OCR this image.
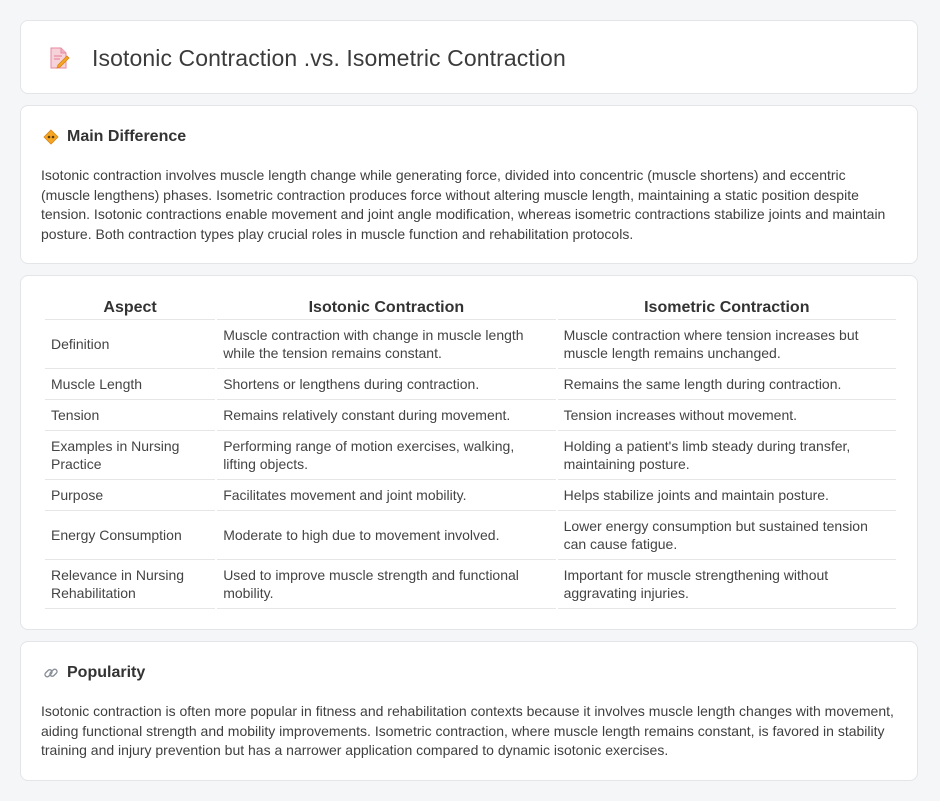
Isotonic Contraction .vs. Isometric Contraction
Main Difference

Isotonic contraction involves muscle length change while generating force, divided into concentric (muscle shortens) and eccentric (muscle lengthens) phases. Isometric contraction produces force without altering muscle length, maintaining a static position despite tension. Isotonic contractions enable movement and joint angle modification, whereas isometric contractions stabilize joints and maintain posture. Both contraction types play crucial roles in muscle function and rehabilitation protocols.

Aspect	Isotonic Contraction	Isometric Contraction
Definition	Muscle contraction with change in muscle length while the tension remains constant.	Muscle contraction where tension increases but muscle length remains unchanged.
Muscle Length	Shortens or lengthens during contraction.	Remains the same length during contraction.
Tension	Remains relatively constant during movement.	Tension increases without movement.
Examples in Nursing Practice	Performing range of motion exercises, walking, lifting objects.	Holding a patient's limb steady during transfer, maintaining posture.
Purpose	Facilitates movement and joint mobility.	Helps stabilize joints and maintain posture.
Energy Consumption	Moderate to high due to movement involved.	Lower energy consumption but sustained tension can cause fatigue.
Relevance in Nursing Rehabilitation	Used to improve muscle strength and functional mobility.	Important for muscle strengthening without aggravating injuries.
Popularity

Isotonic contraction is often more popular in fitness and rehabilitation contexts because it involves muscle length changes with movement, aiding functional strength and mobility improvements. Isometric contraction, where muscle length remains constant, is favored in stability training and injury prevention but has a narrower application compared to dynamic isotonic exercises.
